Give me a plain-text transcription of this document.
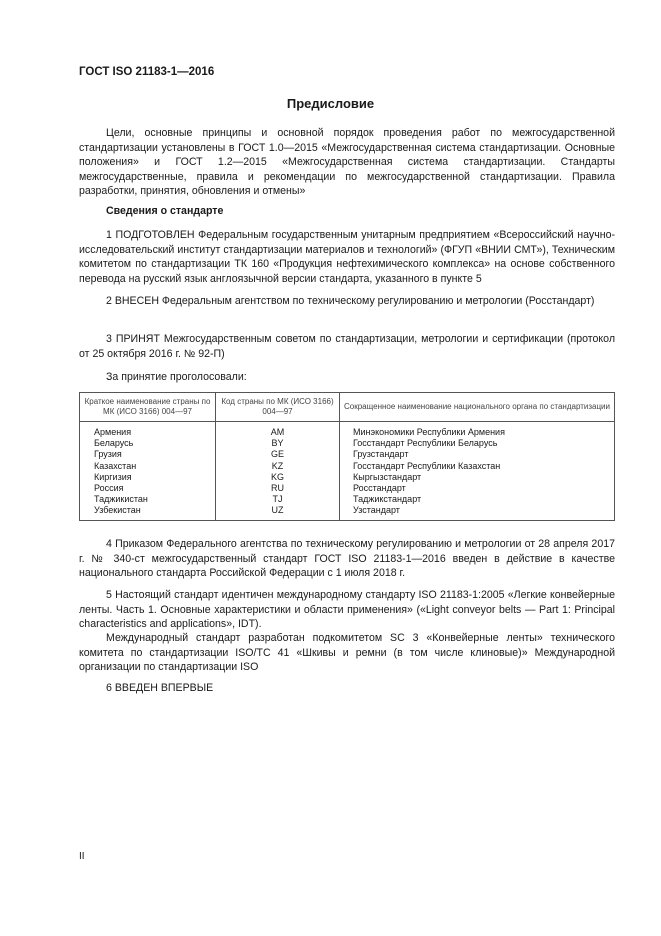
ГОСТ ISO 21183-1—2016
Предисловие

Цели, основные принципы и основной порядок проведения работ по межгосударственной стандартизации установлены в ГОСТ 1.0—2015 «Межгосударственная система стандартизации. Основные положения» и ГОСТ 1.2—2015 «Межгосударственная система стандартизации. Стандарты межгосударственные, правила и рекомендации по межгосударственной стандартизации. Правила разработки, принятия, обновления и отмены»

Сведения о стандарте

1 ПОДГОТОВЛЕН Федеральным государственным унитарным предприятием «Всероссийский научно-исследовательский институт стандартизации материалов и технологий» (ФГУП «ВНИИ СМТ»), Техническим комитетом по стандартизации ТК 160 «Продукция нефтехимического комплекса» на основе собственного перевода на русский язык англоязычной версии стандарта, указанного в пункте 5

2 ВНЕСЕН Федеральным агентством по техническому регулированию и метрологии (Росстандарт)

3 ПРИНЯТ Межгосударственным советом по стандартизации, метрологии и сертификации (протокол от 25 октября 2016 г. № 92-П)

За принятие проголосовали:

Краткое наименование страны по МК (ИСО 3166) 004—97	Код страны по МК (ИСО 3166) 004—97	Сокращенное наименование национального органа по стандартизации
Армения	AM	Минэкономики Республики Армения
Беларусь	BY	Госстандарт Республики Беларусь
Грузия	GE	Грузстандарт
Казахстан	KZ	Госстандарт Республики Казахстан
Киргизия	KG	Кыргызстандарт
Россия	RU	Росстандарт
Таджикистан	TJ	Таджикстандарт
Узбекистан	UZ	Узстандарт

4 Приказом Федерального агентства по техническому регулированию и метрологии от 28 апреля 2017 г. № 340-ст межгосударственный стандарт ГОСТ ISO 21183-1—2016 введен в действие в качестве национального стандарта Российской Федерации с 1 июля 2018 г.

5 Настоящий стандарт идентичен международному стандарту ISO 21183-1:2005 «Легкие конвейерные ленты. Часть 1. Основные характеристики и области применения» («Light conveyor belts — Part 1: Principal characteristics and applications», IDT).

Международный стандарт разработан подкомитетом SC 3 «Конвейерные ленты» технического комитета по стандартизации ISO/TC 41 «Шкивы и ремни (в том числе клиновые)» Международной организации по стандартизации ISO

6 ВВЕДЕН ВПЕРВЫЕ

II
